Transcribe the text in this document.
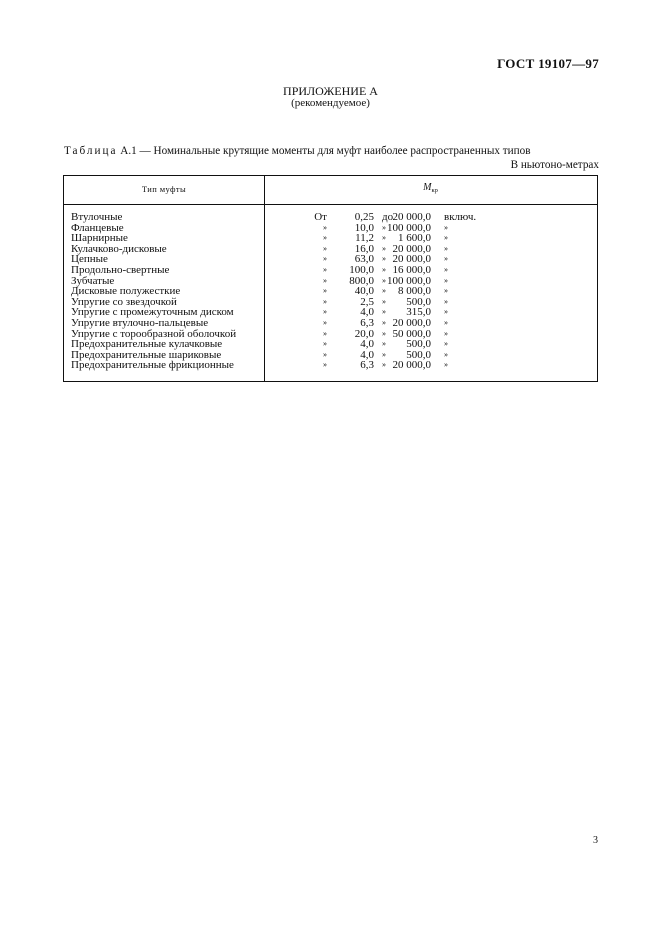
ГОСТ 19107—97
ПРИЛОЖЕНИЕ А
(рекомендуемое)
Таблица А.1 — Номинальные крутящие моменты для муфт наиболее распространенных типов
В ньютоно-метрах
Тип муфты	$M_{кр}$
Втулочные	От	0,25 до 20 000,0 включ.
Фланцевые	»	10,0 » 100 000,0 »
Шарнирные	»	11,2 » 1 600,0 »
Кулачково-дисковые	»	16,0 » 20 000,0 »
Цепные	»	63,0 » 20 000,0 »
Продольно-свертные	» 100,0 » 16 000,0 »
Зубчатые	» 800,0 » 100 000,0 »
Дисковые полужесткие	»	40,0 » 8 000,0 »
Упругие со звездочкой	»	2,5 » 500,0 »
Упругие с промежуточным диском	»	4,0 » 315,0 »
Упругие втулочно-пальцевые	»	6,3 » 20 000,0 »
Упругие с торообразной оболочкой	»	20,0 » 50 000,0 »
Предохранительные кулачковые	»	4,0 » 500,0 »
Предохранительные шариковые	»	4,0 » 500,0 »
Предохранительные фрикционные	»	6,3 » 20 000,0 »
3
